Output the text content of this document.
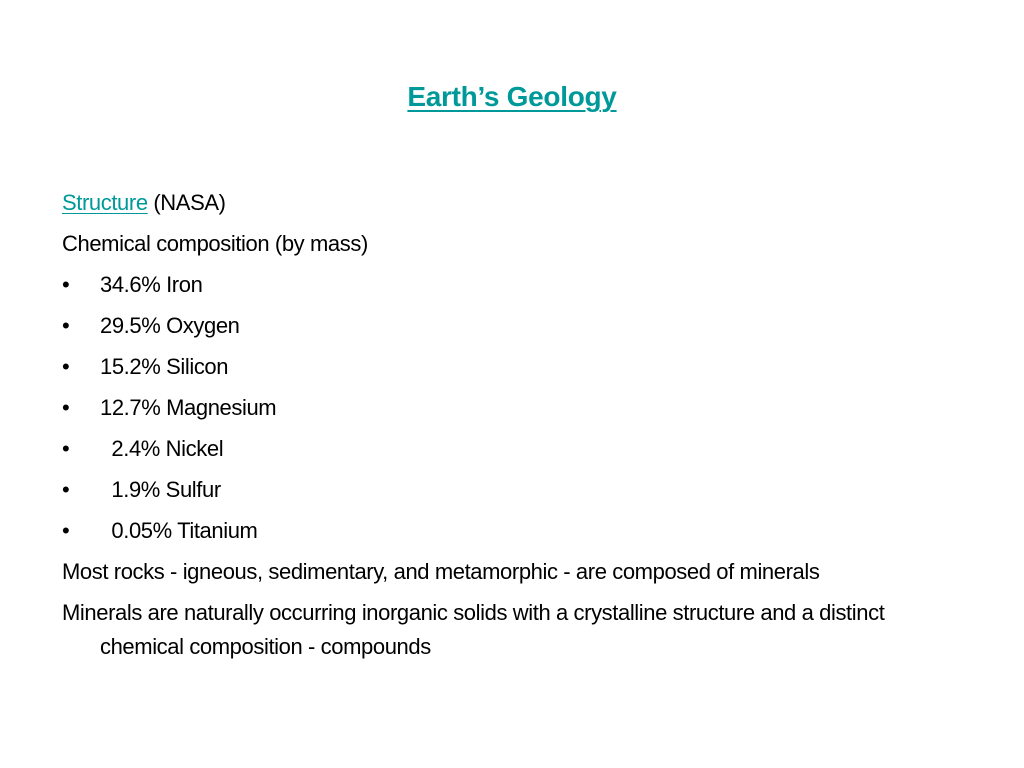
Earth’s Geology
Structure (NASA)
Chemical composition (by mass)
•	34.6% Iron
•	29.5% Oxygen
•	15.2% Silicon
•	12.7% Magnesium
•	2.4% Nickel
•	1.9% Sulfur
•	0.05% Titanium
Most rocks - igneous, sedimentary, and metamorphic - are composed of minerals
Minerals are naturally occurring inorganic solids with a crystalline structure and a distinct chemical composition - compounds
